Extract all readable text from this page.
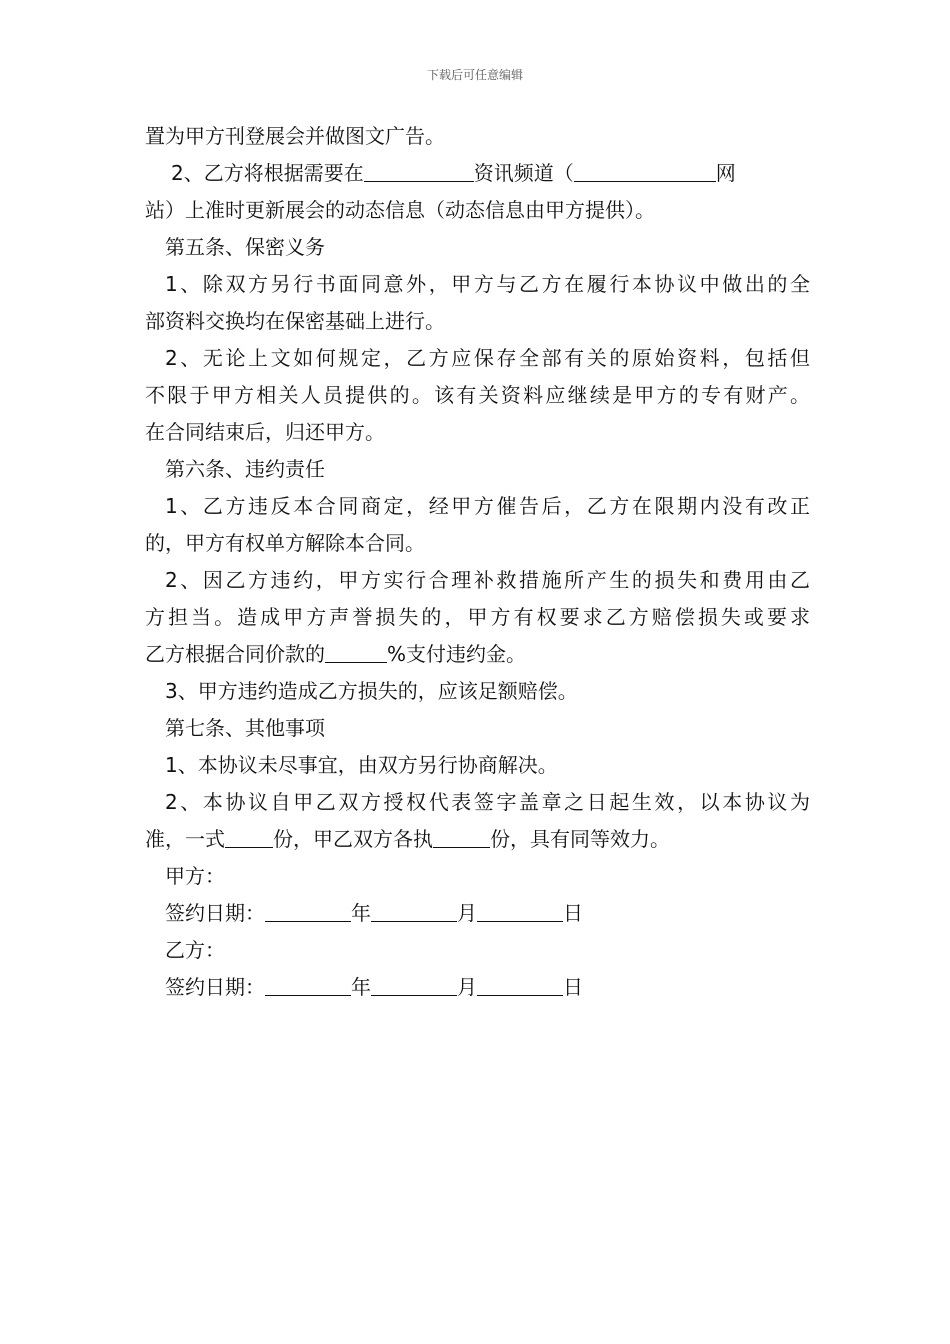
下载后可任意编辑
置为甲方刊登展会并做图文广告。
2、乙方将根据需要在	资讯频道（	网
站）上准时更新展会的动态信息（动态信息由甲方提供）。
第五条、保密义务
1、除双方另行书面同意外，甲方与乙方在履行本协议中做出的全
部资料交换均在保密基础上进行。
2、无论上文如何规定，乙方应保存全部有关的原始资料，包括但
不限于甲方相关人员提供的。该有关资料应继续是甲方的专有财产。
在合同结束后，归还甲方。
第六条、违约责任
1、乙方违反本合同商定，经甲方催告后，乙方在限期内没有改正
的，甲方有权单方解除本合同。
2、因乙方违约，甲方实行合理补救措施所产生的损失和费用由乙
方担当。造成甲方声誉损失的，甲方有权要求乙方赔偿损失或要求
乙方根据合同价款的	%支付违约金。
3、甲方违约造成乙方损失的，应该足额赔偿。
第七条、其他事项
1、本协议未尽事宜，由双方另行协商解决。
2、本协议自甲乙双方授权代表签字盖章之日起生效，以本协议为
准，一式 份，甲乙双方各执	份，具有同等效力。
甲方：
签约日期：	年	月	日
乙方：
签约日期：	年	月	日
